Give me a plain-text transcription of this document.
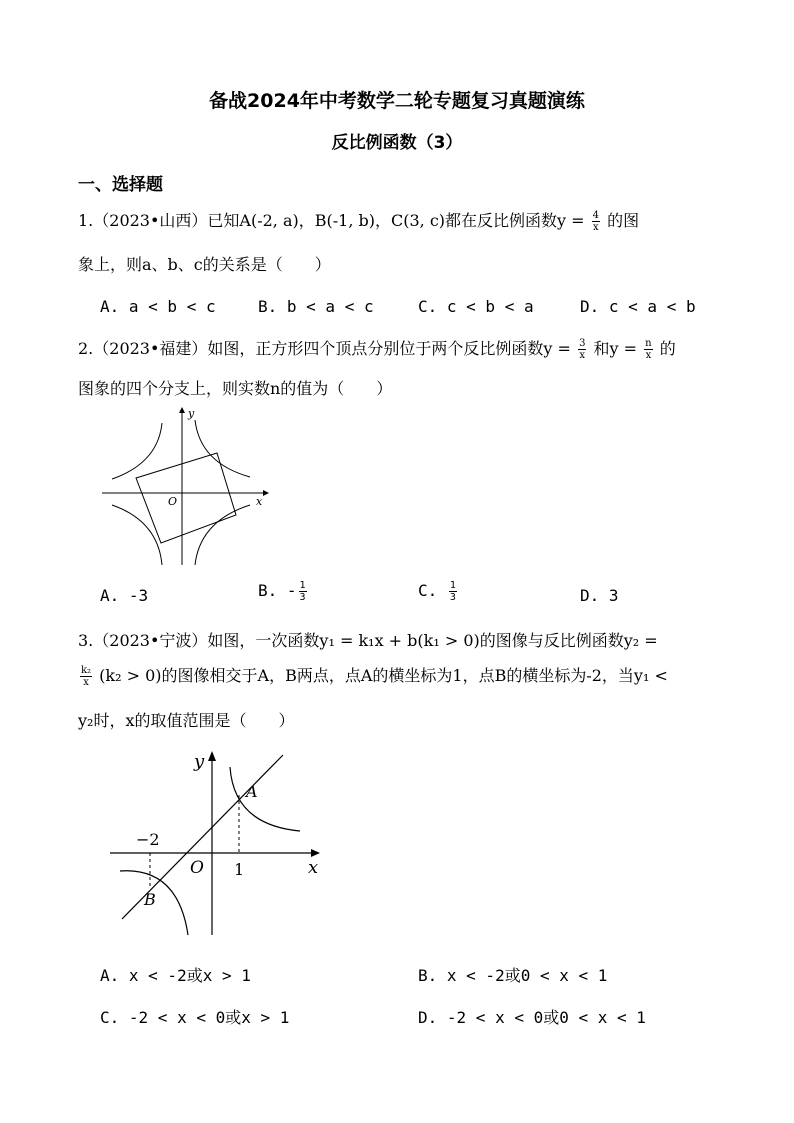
备战2024年中考数学二轮专题复习真题演练
反比例函数（3）
一、选择题
1.（2023•山西）已知A(-2, a)，B(-1, b)，C(3, c)都在反比例函数$y = \frac{4}{x}$ 的图
象上，则a、b、c的关系是（　　）
A. a < b < c	B. b < a < c	C. c < b < a	D. c < a < b
2.（2023•福建）如图，正方形四个顶点分别位于两个反比例函数$y = \frac{3}{x}$ 和$y = \frac{n}{x}$ 的
图象的四个分支上，则实数n的值为（　　）
y
x
O
A. -3	B. - $\frac{1}{3}$	C. $\frac{1}{3}$	D. 3
3.（2023•宁波）如图，一次函数y₁ = k₁x + b(k₁ > 0)的图像与反比例函数y₂ =
$\frac{\text{k₂}}{x} (k_2 > 0)$的图像相交于A，B两点，点A的横坐标为1，点B的横坐标为-2，当y₁ <
y₂时，x的取值范围是（　　）
y
x
O
A
B
1
−2
A. x < -2或x > 1	B. x < -2或0 < x < 1
C. -2 < x < 0或x > 1	D. -2 < x < 0或0 < x < 1
